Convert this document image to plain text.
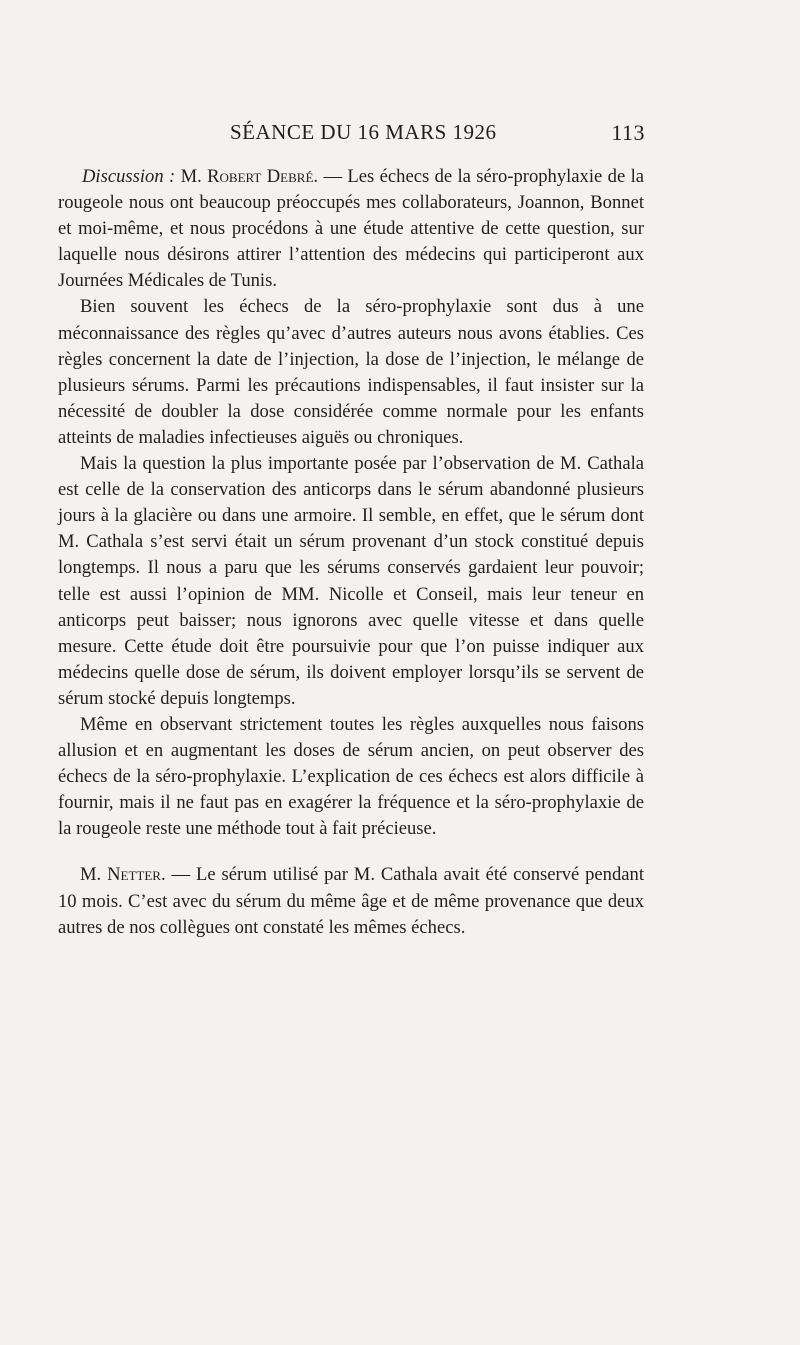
SÉANCE DU 16 MARS 1926	113

Discussion : M. Robert Debré. — Les échecs de la séro-prophylaxie de la rougeole nous ont beaucoup préoccupés mes collaborateurs, Joannon, Bonnet et moi-même, et nous procédons à une étude attentive de cette question, sur laquelle nous désirons attirer l’attention des médecins qui participeront aux Journées Médicales de Tunis.

Bien souvent les échecs de la séro-prophylaxie sont dus à une méconnaissance des règles qu’avec d’autres auteurs nous avons établies. Ces règles concernent la date de l’injection, la dose de l’injection, le mélange de plusieurs sérums. Parmi les précautions indispensables, il faut insister sur la nécessité de doubler la dose considérée comme normale pour les enfants atteints de maladies infectieuses aiguës ou chroniques.

Mais la question la plus importante posée par l’observation de M. Cathala est celle de la conservation des anticorps dans le sérum abandonné plusieurs jours à la glacière ou dans une armoire. Il semble, en effet, que le sérum dont M. Cathala s’est servi était un sérum provenant d’un stock constitué depuis longtemps. Il nous a paru que les sérums conservés gardaient leur pouvoir; telle est aussi l’opinion de MM. Nicolle et Conseil, mais leur teneur en anticorps peut baisser; nous ignorons avec quelle vitesse et dans quelle mesure. Cette étude doit être poursuivie pour que l’on puisse indiquer aux médecins quelle dose de sérum, ils doivent employer lorsqu’ils se servent de sérum stocké depuis longtemps.

Même en observant strictement toutes les règles auxquelles nous faisons allusion et en augmentant les doses de sérum ancien, on peut observer des échecs de la séro-prophylaxie. L’explication de ces échecs est alors difficile à fournir, mais il ne faut pas en exagérer la fréquence et la séro-prophylaxie de la rougeole reste une méthode tout à fait précieuse.

M. Netter. — Le sérum utilisé par M. Cathala avait été conservé pendant 10 mois. C’est avec du sérum du même âge et de même provenance que deux autres de nos collègues ont constaté les mêmes échecs.
